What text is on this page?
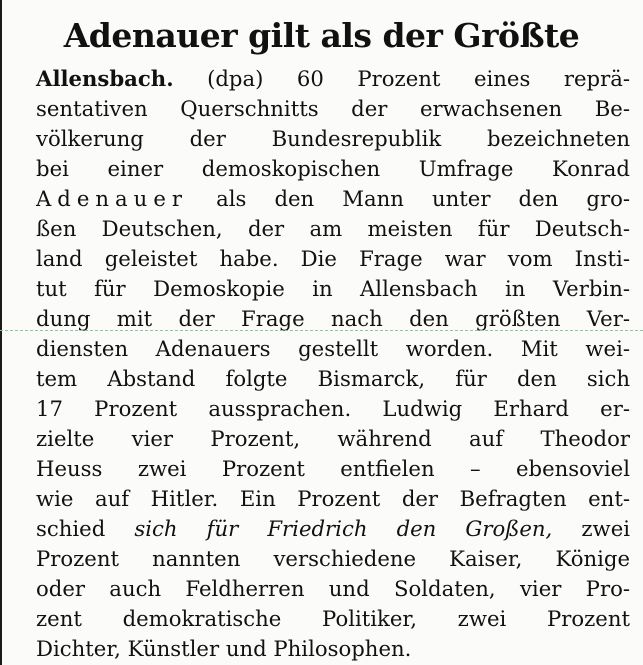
Adenauer gilt als der Größte
Allensbach. (dpa) 60 Prozent eines reprä-
sentativen Querschnitts der erwachsenen Be-
völkerung der Bundesrepublik bezeichneten
bei einer demoskopischen Umfrage Konrad
Adenauer als den Mann unter den gro-
ßen Deutschen, der am meisten für Deutsch-
land geleistet habe. Die Frage war vom Insti-
tut für Demoskopie in Allensbach in Verbin-
dung mit der Frage nach den größten Ver-
diensten Adenauers gestellt worden. Mit wei-
tem Abstand folgte Bismarck, für den sich
17 Prozent aussprachen. Ludwig Erhard er-
zielte vier Prozent, während auf Theodor
Heuss zwei Prozent entfielen – ebensoviel
wie auf Hitler. Ein Prozent der Befragten ent-
schied sich für Friedrich den Großen, zwei
Prozent nannten verschiedene Kaiser, Könige
oder auch Feldherren und Soldaten, vier Pro-
zent demokratische Politiker, zwei Prozent
Dichter, Künstler und Philosophen.
